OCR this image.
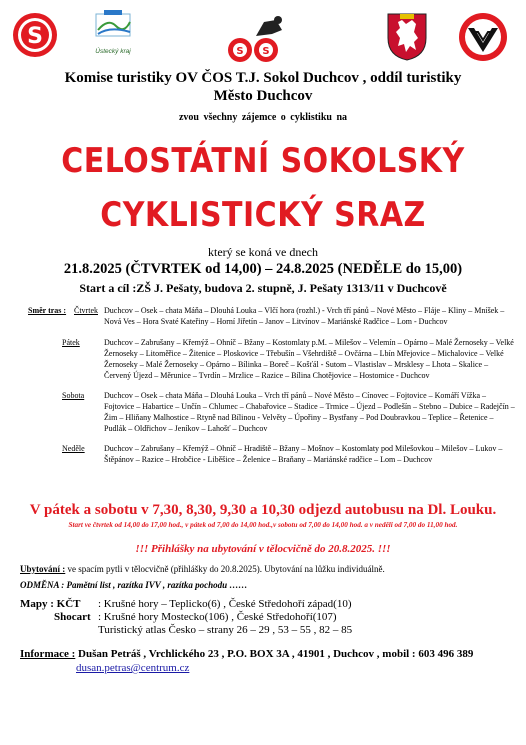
S
Ústecký kraj	S S
Komise turistiky OV ČOS T.J. Sokol Duchcov , oddíl turistiky
Město Duchcov
zvou všechny zájemce o cyklistiku na
CELOSTÁTNÍ SOKOLSKÝ
CYKLISTICKÝ SRAZ
který se koná ve dnech
21.8.2025 (ČTVRTEK od 14,00) – 24.8.2025 (NEDĚLE do 15,00)
Start a cíl :ZŠ J. Pešaty, budova 2. stupně, J. Pešaty 1313/11 v Duchcově
Směr tras : Čtvrtek Duchcov – Osek – chata Máňa – Dlouhá Louka – Vlčí hora (rozhl.) - Vrch tří pánů – Nové Město – Fláje – Kliny – Mníšek – Nová Ves – Hora Svaté Kateřiny – Horní Jiřetín – Janov – Litvínov – Mariánské Radčice – Lom - Duchcov
Pátek	Duchcov – Zabrušany – Křemýž – Ohníč – Bžany – Kostomlaty p.M. – Milešov – Velemín – Opárno – Malé Žernoseky – Velké Žernoseky – Litoměřice – Žitenice – Ploskovice – Třebušín – Všehrdiště – Ovčárna – Lbín Mřejovice – Michalovice – Velké Žernoseky – Malé Žernoseky – Opárno – Bílinka – Boreč – Košťál - Sutom – Vlastislav – Mrsklesy – Lhota – Skalice – Červený Újezd – Měrunice – Tvrdín – Mrzlice – Razice – Bílina Chotějovice – Hostomice - Duchcov
Sobota Duchcov – Osek – chata Máňa – Dlouhá Louka – Vrch tří pánů – Nové Město – Cínovec – Fojtovice – Komáří Vížka – Fojtovice – Habartice – Unčín – Chlumec – Chabařovice – Stadice – Trmice – Újezd – Podlešín – Stebno – Dubice – Radejčín – Žim – Hliňany Malhostice – Rtyně nad Bílinou - Velvěty – Úpořiny – Bystřany – Pod Doubravkou – Teplice – Řetenice – Pudlák – Oldřichov – Jeníkov – Lahošť – Duchcov
Neděle Duchcov – Zabrušany – Křemýž – Ohníč – Hradiště – Bžany – Mošnov – Kostomlaty pod Milešovkou – Milešov – Lukov – Štěpánov – Razice – Hrobčice - Liběšice – Želenice – Braňany – Mariánské radčice – Lom – Duchcov
V pátek a sobotu v 7,30, 8,30, 9,30 a 10,30 odjezd autobusu na Dl. Louku.
Start ve čtvrtek od 14,00 do 17,00 hod., v pátek od 7,00 do 14,00 hod.,v sobotu od 7,00 do 14,00 hod. a v neděli od 7,00 do 11,00 hod.
!!! Přihlášky na ubytování v tělocvičně do 20.8.2025. !!!
Ubytování : ve spacím pytli v tělocvičně (přihlášky do 20.8.2025). Ubytování na lůžku individuálně.
ODMĚNA : Pamětní list , razítka IVV , razítka pochodu ……
Mapy : KČT : Krušné hory – Teplicko(6) , České Středohoří západ(10)
Shocart : Krušné hory Mostecko(106) , České Středohoří(107)
Turistický atlas Česko – strany 26 – 29 , 53 – 55 , 82 – 85
Informace : Dušan Petráš , Vrchlického 23 , P.O. BOX 3A , 41901 , Duchcov , mobil : 603 496 389
dusan.petras@centrum.cz
